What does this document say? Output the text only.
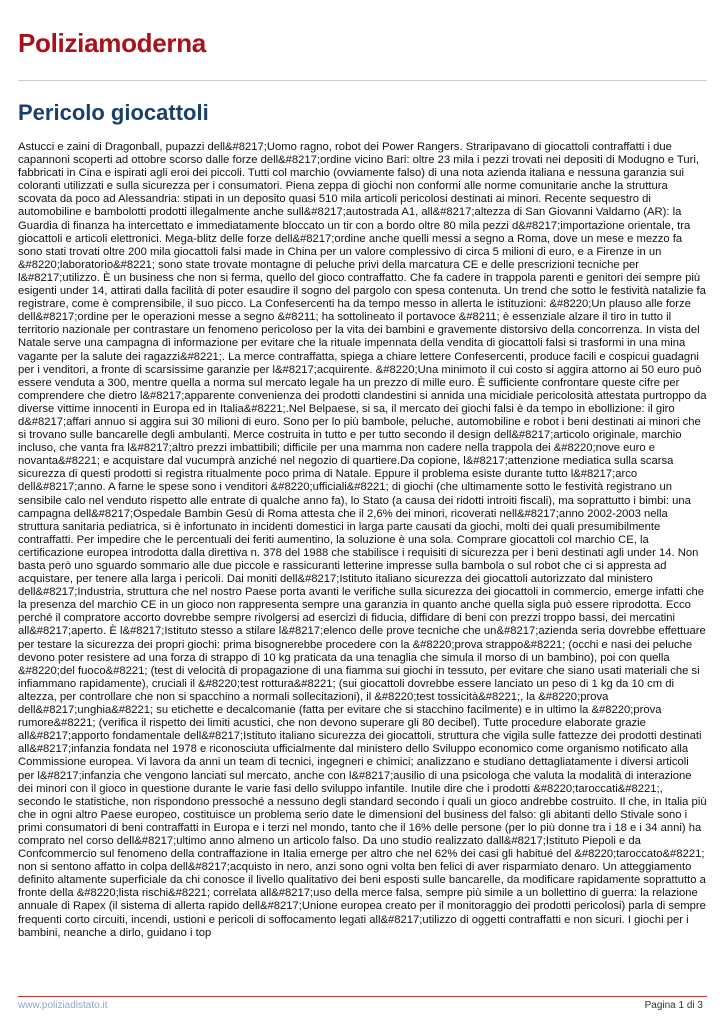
Poliziamoderna
Pericolo giocattoli

Astucci e zaini di Dragonball, pupazzi dell&#8217;Uomo ragno, robot dei Power Rangers. Straripavano di giocattoli contraffatti i due capannoni scoperti ad ottobre scorso dalle forze dell&#8217;ordine vicino Bari: oltre 23 mila i pezzi trovati nei depositi di Modugno e Turi, fabbricati in Cina e ispirati agli eroi dei piccoli. Tutti col marchio (ovviamente falso) di una nota azienda italiana e nessuna garanzia sui coloranti utilizzati e sulla sicurezza per i consumatori. Piena zeppa di giochi non conformi alle norme comunitarie anche la struttura scovata da poco ad Alessandria: stipati in un deposito quasi 510 mila articoli pericolosi destinati ai minori. Recente sequestro di automobiline e bambolotti prodotti illegalmente anche sull&#8217;autostrada A1, all&#8217;altezza di San Giovanni Valdarno (AR): la Guardia di finanza ha intercettato e immediatamente bloccato un tir con a bordo oltre 80 mila pezzi d&#8217;importazione orientale, tra giocattoli e articoli elettronici. Mega-blitz delle forze dell&#8217;ordine anche quelli messi a segno a Roma, dove un mese e mezzo fa sono stati trovati oltre 200 mila giocattoli falsi made in China per un valore complessivo di circa 5 milioni di euro, e a Firenze in un &#8220;laboratorio&#8221; sono state trovate montagne di peluche privi della marcatura CE e delle prescrizioni tecniche per l&#8217;utilizzo. È un business che non si ferma, quello del gioco contraffatto. Che fa cadere in trappola parenti e genitori dei sempre più esigenti under 14, attirati dalla facilità di poter esaudire il sogno del pargolo con spesa contenuta. Un trend che sotto le festività natalizie fa registrare, come è comprensibile, il suo picco. La Confesercenti ha da tempo messo in allerta le istituzioni: &#8220;Un plauso alle forze dell&#8217;ordine per le operazioni messe a segno &#8211; ha sottolineato il portavoce &#8211; è essenziale alzare il tiro in tutto il territorio nazionale per contrastare un fenomeno pericoloso per la vita dei bambini e gravemente distorsivo della concorrenza. In vista del Natale serve una campagna di informazione per evitare che la rituale impennata della vendita di giocattoli falsi si trasformi in una mina vagante per la salute dei ragazzi&#8221;. La merce contraffatta, spiega a chiare lettere Confesercenti, produce facili e cospicui guadagni per i venditori, a fronte di scarsissime garanzie per l&#8217;acquirente. &#8220;Una minimoto il cui costo si aggira attorno ai 50 euro può essere venduta a 300, mentre quella a norma sul mercato legale ha un prezzo di mille euro. È sufficiente confrontare queste cifre per comprendere che dietro l&#8217;apparente convenienza dei prodotti clandestini si annida una micidiale pericolosità attestata purtroppo da diverse vittime innocenti in Europa ed in Italia&#8221;.Nel Belpaese, si sa, il mercato dei giochi falsi è da tempo in ebollizione: il giro d&#8217;affari annuo si aggira sui 30 milioni di euro. Sono per lo più bambole, peluche, automobiline e robot i beni destinati ai minori che si trovano sulle bancarelle degli ambulanti. Merce costruita in tutto e per tutto secondo il design dell&#8217;articolo originale, marchio incluso, che vanta fra l&#8217;altro prezzi imbattibili; difficile per una mamma non cadere nella trappola dei &#8220;nove euro e novanta&#8221; e acquistare dal vucumprà anziché nel negozio di quartiere.Da copione, l&#8217;attenzione mediatica sulla scarsa sicurezza di questi prodotti si registra ritualmente poco prima di Natale. Eppure il problema esiste durante tutto l&#8217;arco dell&#8217;anno. A farne le spese sono i venditori &#8220;ufficiali&#8221; di giochi (che ultimamente sotto le festività registrano un sensibile calo nel venduto rispetto alle entrate di qualche anno fa), lo Stato (a causa dei ridotti introiti fiscali), ma soprattutto i bimbi: una campagna dell&#8217;Ospedale Bambin Gesù di Roma attesta che il 2,6% dei minori, ricoverati nell&#8217;anno 2002-2003 nella struttura sanitaria pediatrica, si è infortunato in incidenti domestici in larga parte causati da giochi, molti dei quali presumibilmente contraffatti. Per impedire che le percentuali dei feriti aumentino, la soluzione è una sola. Comprare giocattoli col marchio CE, la certificazione europea introdotta dalla direttiva n. 378 del 1988 che stabilisce i requisiti di sicurezza per i beni destinati agli under 14. Non basta però uno sguardo sommario alle due piccole e rassicuranti letterine impresse sulla bambola o sul robot che ci si appresta ad acquistare, per tenere alla larga i pericoli. Dai moniti dell&#8217;Istituto italiano sicurezza dei giocattoli autorizzato dal ministero dell&#8217;Industria, struttura che nel nostro Paese porta avanti le verifiche sulla sicurezza dei giocattoli in commercio, emerge infatti che la presenza del marchio CE in un gioco non rappresenta sempre una garanzia in quanto anche quella sigla può essere riprodotta. Ecco perché il compratore accorto dovrebbe sempre rivolgersi ad esercizi di fiducia, diffidare di beni con prezzi troppo bassi, dei mercatini all&#8217;aperto. È l&#8217;Istituto stesso a stilare l&#8217;elenco delle prove tecniche che un&#8217;azienda seria dovrebbe effettuare per testare la sicurezza dei propri giochi: prima bisognerebbe procedere con la &#8220;prova strappo&#8221; (occhi e nasi dei peluche devono poter resistere ad una forza di strappo di 10 kg praticata da una tenaglia che simula il morso di un bambino), poi con quella &#8220;del fuoco&#8221; (test di velocità di propagazione di una fiamma sui giochi in tessuto, per evitare che siano usati materiali che si infiammano rapidamente), cruciali il &#8220;test rottura&#8221; (sui giocattoli dovrebbe essere lanciato un peso di 1 kg da 10 cm di altezza, per controllare che non si spacchino a normali sollecitazioni), il &#8220;test tossicità&#8221;, la &#8220;prova dell&#8217;unghia&#8221; su etichette e decalcomanie (fatta per evitare che si stacchino facilmente) e in ultimo la &#8220;prova rumore&#8221; (verifica il rispetto dei limiti acustici, che non devono superare gli 80 decibel). Tutte procedure elaborate grazie all&#8217;apporto fondamentale dell&#8217;Istituto italiano sicurezza dei giocattoli, struttura che vigila sulle fattezze dei prodotti destinati all&#8217;infanzia fondata nel 1978 e riconosciuta ufficialmente dal ministero dello Sviluppo economico come organismo notificato alla Commissione europea. Vi lavora da anni un team di tecnici, ingegneri e chimici; analizzano e studiano dettagliatamente i diversi articoli per l&#8217;infanzia che vengono lanciati sul mercato, anche con l&#8217;ausilio di una psicologa che valuta la modalità di interazione dei minori con il gioco in questione durante le varie fasi dello sviluppo infantile. Inutile dire che i prodotti &#8220;taroccati&#8221;, secondo le statistiche, non rispondono pressoché a nessuno degli standard secondo i quali un gioco andrebbe costruito. Il che, in Italia più che in ogni altro Paese europeo, costituisce un problema serio date le dimensioni del business del falso: gli abitanti dello Stivale sono i primi consumatori di beni contraffatti in Europa e i terzi nel mondo, tanto che il 16% delle persone (per lo più donne tra i 18 e i 34 anni) ha comprato nel corso dell&#8217;ultimo anno almeno un articolo falso. Da uno studio realizzato dall&#8217;Istituto Piepoli e da Confcommercio sul fenomeno della contraffazione in Italia emerge per altro che nel 62% dei casi gli habitué del &#8220;taroccato&#8221; non si sentono affatto in colpa dell&#8217;acquisto in nero, anzi sono ogni volta ben felici di aver risparmiato denaro. Un atteggiamento definito altamente superficiale da chi conosce il livello qualitativo dei beni esposti sulle bancarelle, da modificare rapidamente soprattutto a fronte della &#8220;lista rischi&#8221; correlata all&#8217;uso della merce falsa, sempre più simile a un bollettino di guerra: la relazione annuale di Rapex (il sistema di allerta rapido dell&#8217;Unione europea creato per il monitoraggio dei prodotti pericolosi) parla di sempre frequenti corto circuiti, incendi, ustioni e pericoli di soffocamento legati all&#8217;utilizzo di oggetti contraffatti e non sicuri. I giochi per i bambini, neanche a dirlo, guidano i top

www.poliziadistato.it	Pagina 1 di 3
